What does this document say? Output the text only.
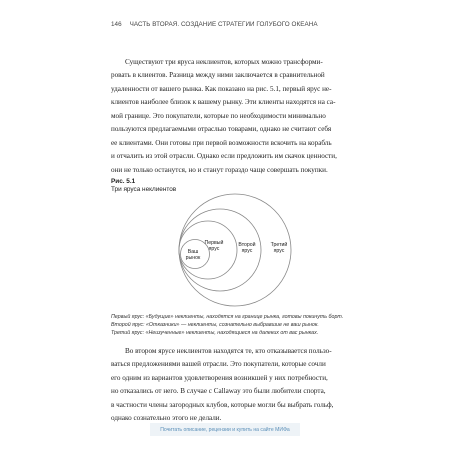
146 ЧАСТЬ ВТОРАЯ. СОЗДАНИЕ СТРАТЕГИИ ГОЛУБОГО ОКЕАНА
Существуют три яруса неклиентов, которых можно трансформи-
ровать в клиентов. Разница между ними заключается в сравнительной
удаленности от вашего рынка. Как показано на рис. 5.1, первый ярус не-
клиентов наиболее близок к вашему рынку. Эти клиенты находятся на са-
мой границе. Это покупатели, которые по необходимости минимально
пользуются предлагаемыми отраслью товарами, однако не считают себя
ее клиентами. Они готовы при первой возможности вскочить на корабль
и отчалить из этой отрасли. Однако если предложить им скачок ценности,
они не только останутся, но и станут гораздо чаще совершать покупки.
Рис. 5.1
Три яруса неклиентов
Ваш
рынок
Первый
ярус
Второй
ярус
Третий
ярус
Первый ярус: «Будущие» неклиенты, находятся на границе рынка, готовы покинуть борт.
Второй ярус: «Отказники» — неклиенты, сознательно выбравшие не ваш рынок.
Третий ярус: «Неизученные» неклиенты, находящиеся на далеких от вас рынках.
Во втором ярусе неклиентов находятся те, кто отказывается пользо-
ваться предложениями вашей отрасли. Это покупатели, которые сочли
его одним из вариантов удовлетворения возникшей у них потребности,
но отказались от него. В случае с Callaway это были любители спорта,
в частности члены загородных клубов, которые могли бы выбрать гольф,
однако сознательно этого не делали.
Почитать описание, рецензии и купить на сайте МИФа
